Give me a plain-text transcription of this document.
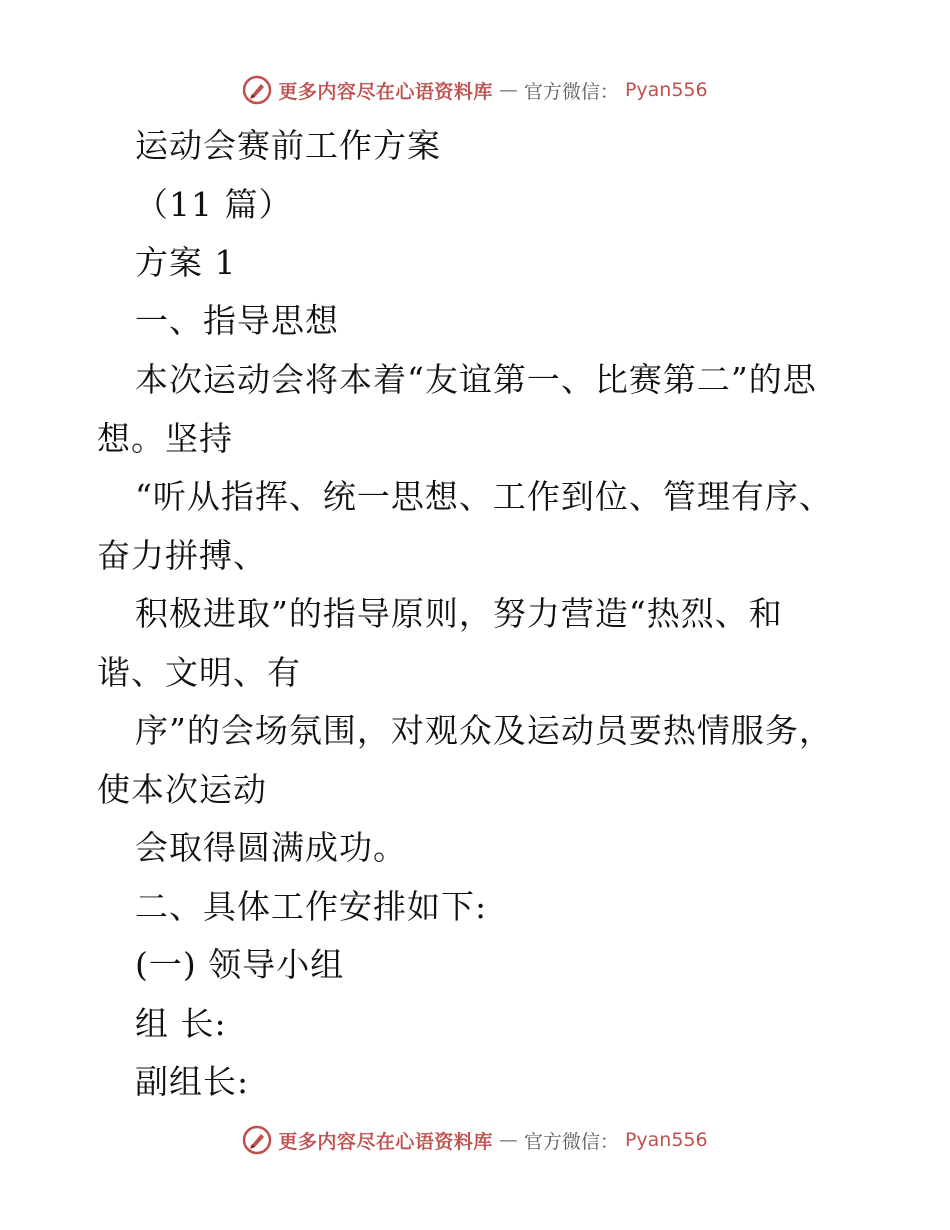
更多内容尽在心语资料库 — 官方微信： Pyan556
运动会赛前工作方案
（11 篇）
方案 1
一、指导思想
本次运动会将本着“友谊第一、比赛第二”的思
想。坚持
“听从指挥、统一思想、工作到位、管理有序、
奋力拼搏、
积极进取”的指导原则，努力营造“热烈、和
谐、文明、有
序”的会场氛围，对观众及运动员要热情服务，
使本次运动
会取得圆满成功。
二、具体工作安排如下:
(一) 领导小组
组 长:
副组长:
更多内容尽在心语资料库 — 官方微信： Pyan556
